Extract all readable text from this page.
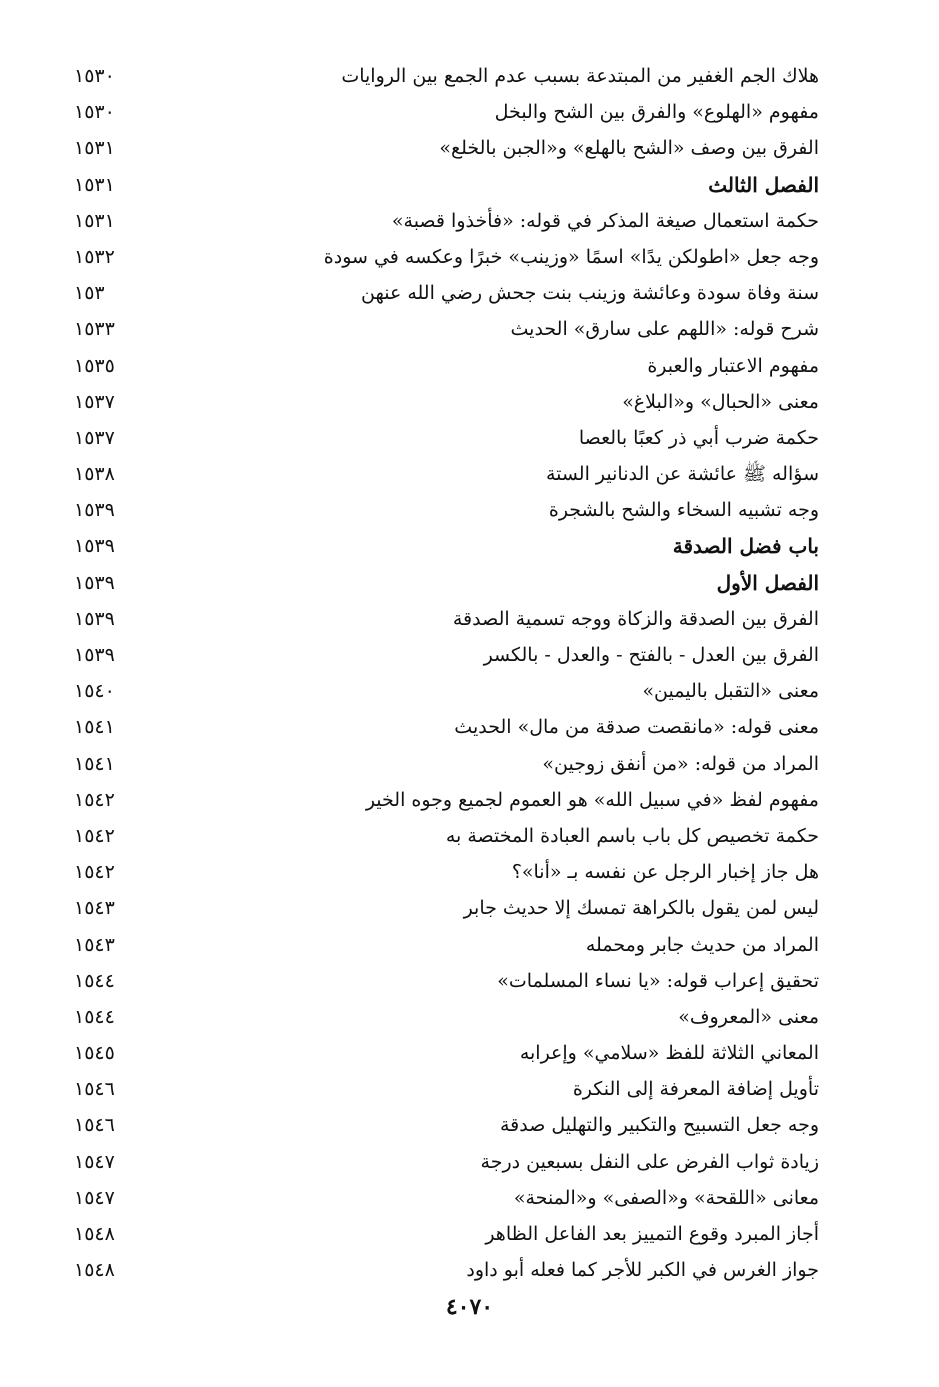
هلاك الجم الغفير من المبتدعة بسبب عدم الجمع بين الروايات
١٥٣٠
مفهوم «الهلوع» والفرق بين الشح والبخل
١٥٣٠
الفرق بين وصف «الشح بالهلع» و«الجبن بالخلع»
١٥٣١
الفصل الثالث
١٥٣١
حكمة استعمال صيغة المذكر في قوله: «فأخذوا قصبة»
١٥٣١
وجه جعل «اطولكن يدًا» اسمًا «وزينب» خبرًا وعكسه في سودة
١٥٣٢
سنة وفاة سودة وعائشة وزينب بنت جحش رضي الله عنهن
١٥٣
شرح قوله: «اللهم على سارق» الحديث
١٥٣٣
مفهوم الاعتبار والعبرة
١٥٣٥
معنى «الحبال» و«البلاغ»
١٥٣٧
حكمة ضرب أبي ذر كعبًا بالعصا
١٥٣٧
سؤاله ﷺ عائشة عن الدنانير الستة
١٥٣٨
وجه تشبيه السخاء والشح بالشجرة
١٥٣٩
باب فضل الصدقة
١٥٣٩
الفصل الأول
١٥٣٩
الفرق بين الصدقة والزكاة ووجه تسمية الصدقة
١٥٣٩
الفرق بين العدل - بالفتح - والعدل - بالكسر
١٥٣٩
معنى «التقبل باليمين»
١٥٤٠
معنى قوله: «مانقصت صدقة من مال» الحديث
١٥٤١
المراد من قوله: «من أنفق زوجين»
١٥٤١
مفهوم لفظ «في سبيل الله» هو العموم لجميع وجوه الخير
١٥٤٢
حكمة تخصيص كل باب باسم العبادة المختصة به
١٥٤٢
هل جاز إخبار الرجل عن نفسه بـ «أنا»؟
١٥٤٢
ليس لمن يقول بالكراهة تمسك إلا حديث جابر
١٥٤٣
المراد من حديث جابر ومحمله
١٥٤٣
تحقيق إعراب قوله: «يا نساء المسلمات»
١٥٤٤
معنى «المعروف»
١٥٤٤
المعاني الثلاثة للفظ «سلامي» وإعرابه
١٥٤٥
تأويل إضافة المعرفة إلى النكرة
١٥٤٦
وجه جعل التسبيح والتكبير والتهليل صدقة
١٥٤٦
زيادة ثواب الفرض على النفل بسبعين درجة
١٥٤٧
معانى «اللقحة» و«الصفى» و«المنحة»
١٥٤٧
أجاز المبرد وقوع التمييز بعد الفاعل الظاهر
١٥٤٨
جواز الغرس في الكبر للأجر كما فعله أبو داود
١٥٤٨
٤٠٧٠
